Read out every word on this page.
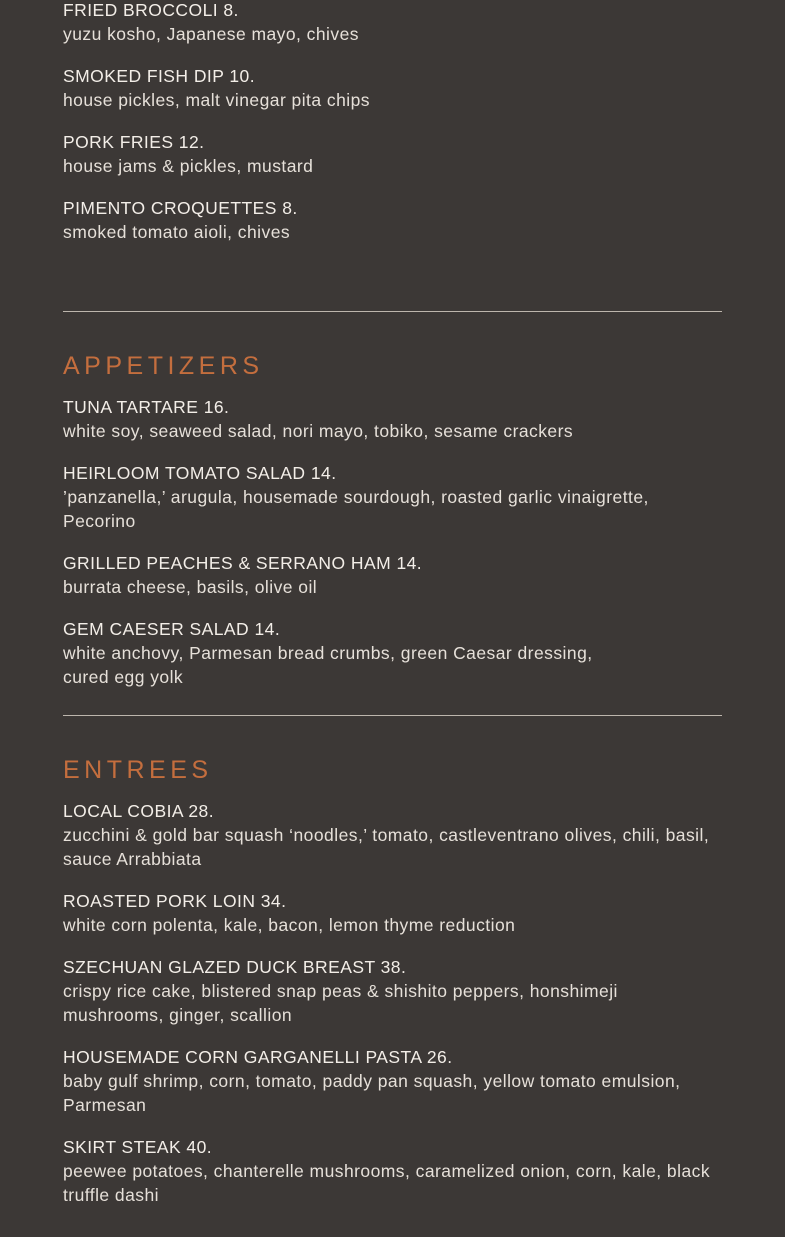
FRIED BROCCOLI 8.
yuzu kosho, Japanese mayo, chives
SMOKED FISH DIP 10.
house pickles, malt vinegar pita chips
PORK FRIES 12.
house jams & pickles, mustard
PIMENTO CROQUETTES 8.
smoked tomato aioli, chives
APPETIZERS
TUNA TARTARE 16.
white soy, seaweed salad, nori mayo, tobiko, sesame crackers
HEIRLOOM TOMATO SALAD 14.
’panzanella,’ arugula, housemade sourdough, roasted garlic vinaigrette, Pecorino
GRILLED PEACHES & SERRANO HAM 14.
burrata cheese, basils, olive oil
GEM CAESER SALAD 14.
white anchovy, Parmesan bread crumbs, green Caesar dressing, cured egg yolk
ENTREES
LOCAL COBIA 28.
zucchini & gold bar squash ‘noodles,’ tomato, castleventrano olives, chili, basil, sauce Arrabbiata
ROASTED PORK LOIN 34.
white corn polenta, kale, bacon, lemon thyme reduction
SZECHUAN GLAZED DUCK BREAST 38.
crispy rice cake, blistered snap peas & shishito peppers, honshimeji mushrooms, ginger, scallion
HOUSEMADE CORN GARGANELLI PASTA 26.
baby gulf shrimp, corn, tomato, paddy pan squash, yellow tomato emulsion, Parmesan
SKIRT STEAK 40.
peewee potatoes, chanterelle mushrooms, caramelized onion, corn, kale, black truffle dashi
